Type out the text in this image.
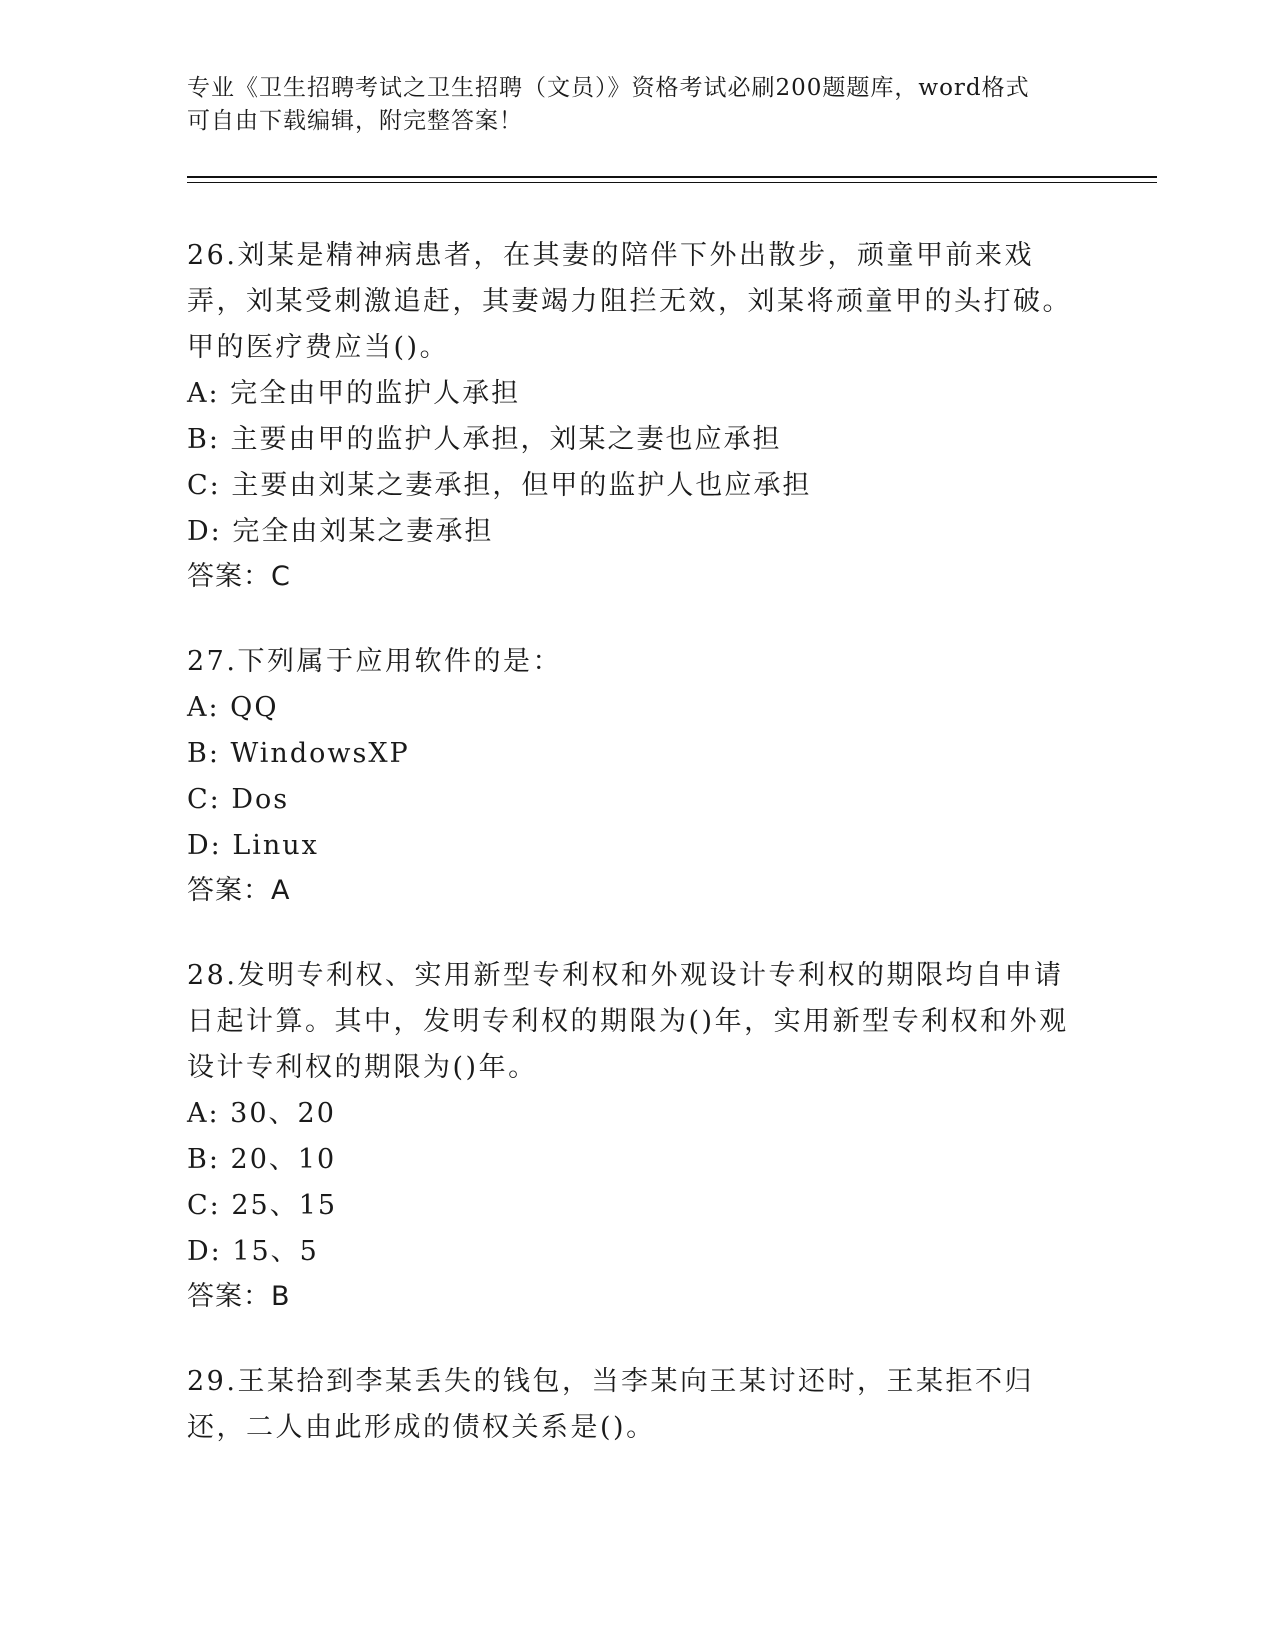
专业《卫生招聘考试之卫生招聘（文员）》资格考试必刷200题题库，word格式
可自由下载编辑，附完整答案！
26.刘某是精神病患者，在其妻的陪伴下外出散步，顽童甲前来戏弄，刘某受刺激追赶，其妻竭力阻拦无效，刘某将顽童甲的头打破。甲的医疗费应当()。
A: 完全由甲的监护人承担
B: 主要由甲的监护人承担，刘某之妻也应承担
C: 主要由刘某之妻承担，但甲的监护人也应承担
D: 完全由刘某之妻承担
答案：C
27.下列属于应用软件的是：
A: QQ
B: WindowsXP
C: Dos
D: Linux
答案：A
28.发明专利权、实用新型专利权和外观设计专利权的期限均自申请日起计算。其中，发明专利权的期限为()年，实用新型专利权和外观设计专利权的期限为()年。
A: 30、20
B: 20、10
C: 25、15
D: 15、5
答案：B
29.王某拾到李某丢失的钱包，当李某向王某讨还时，王某拒不归还，二人由此形成的债权关系是()。
